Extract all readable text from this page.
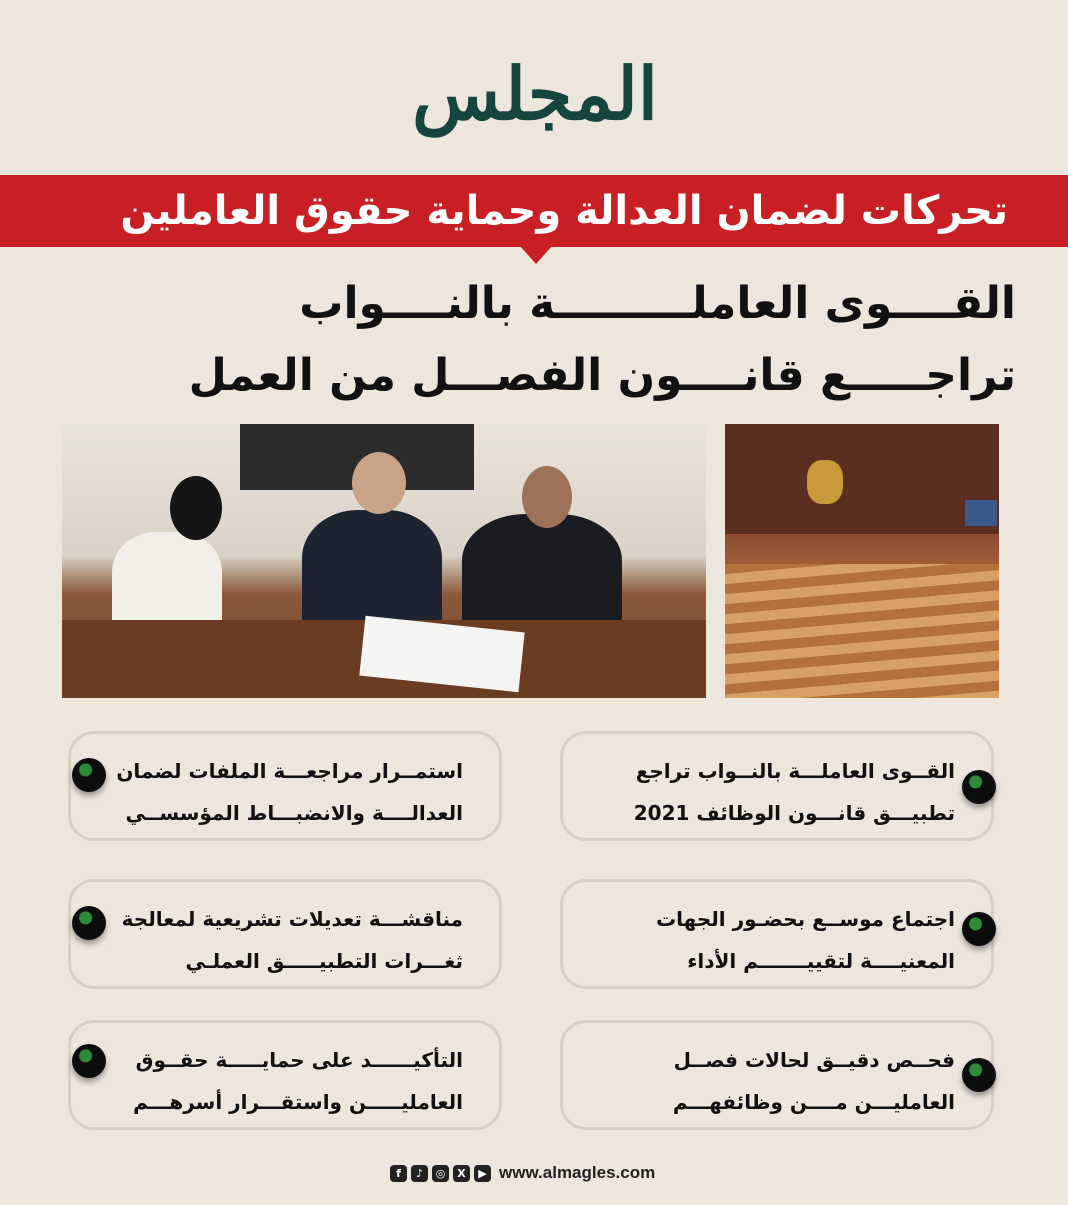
المجلس
تحركات لضمان العدالة وحماية حقوق العاملين
القــــوى العاملـــــــــة بالنــــواب
تراجـــــع قانــــون الفصـــل من العمل
القــوى العاملـــة بالنــواب تراجع تطبيـــق قانـــون الوظائف 2021
استمــرار مراجعـــة الملفات لضمان العدالــــة والانضبـــاط المؤسســي
اجتماع موســع بحضـور الجهات المعنيــــة لتقييـــــــم الأداء
مناقشـــة تعديلات تشريعية لمعالجة ثغـــرات التطبيـــــق العملـي
فحــص دقيــق لحالات فصــل العامليـــن مــــن وظائفهـــم
التأكيــــــد على حمايـــــة حقــوق العامليـــــن واستقـــرار أسرهـــم
f	♪	◎	X	▶ www.almagles.com
